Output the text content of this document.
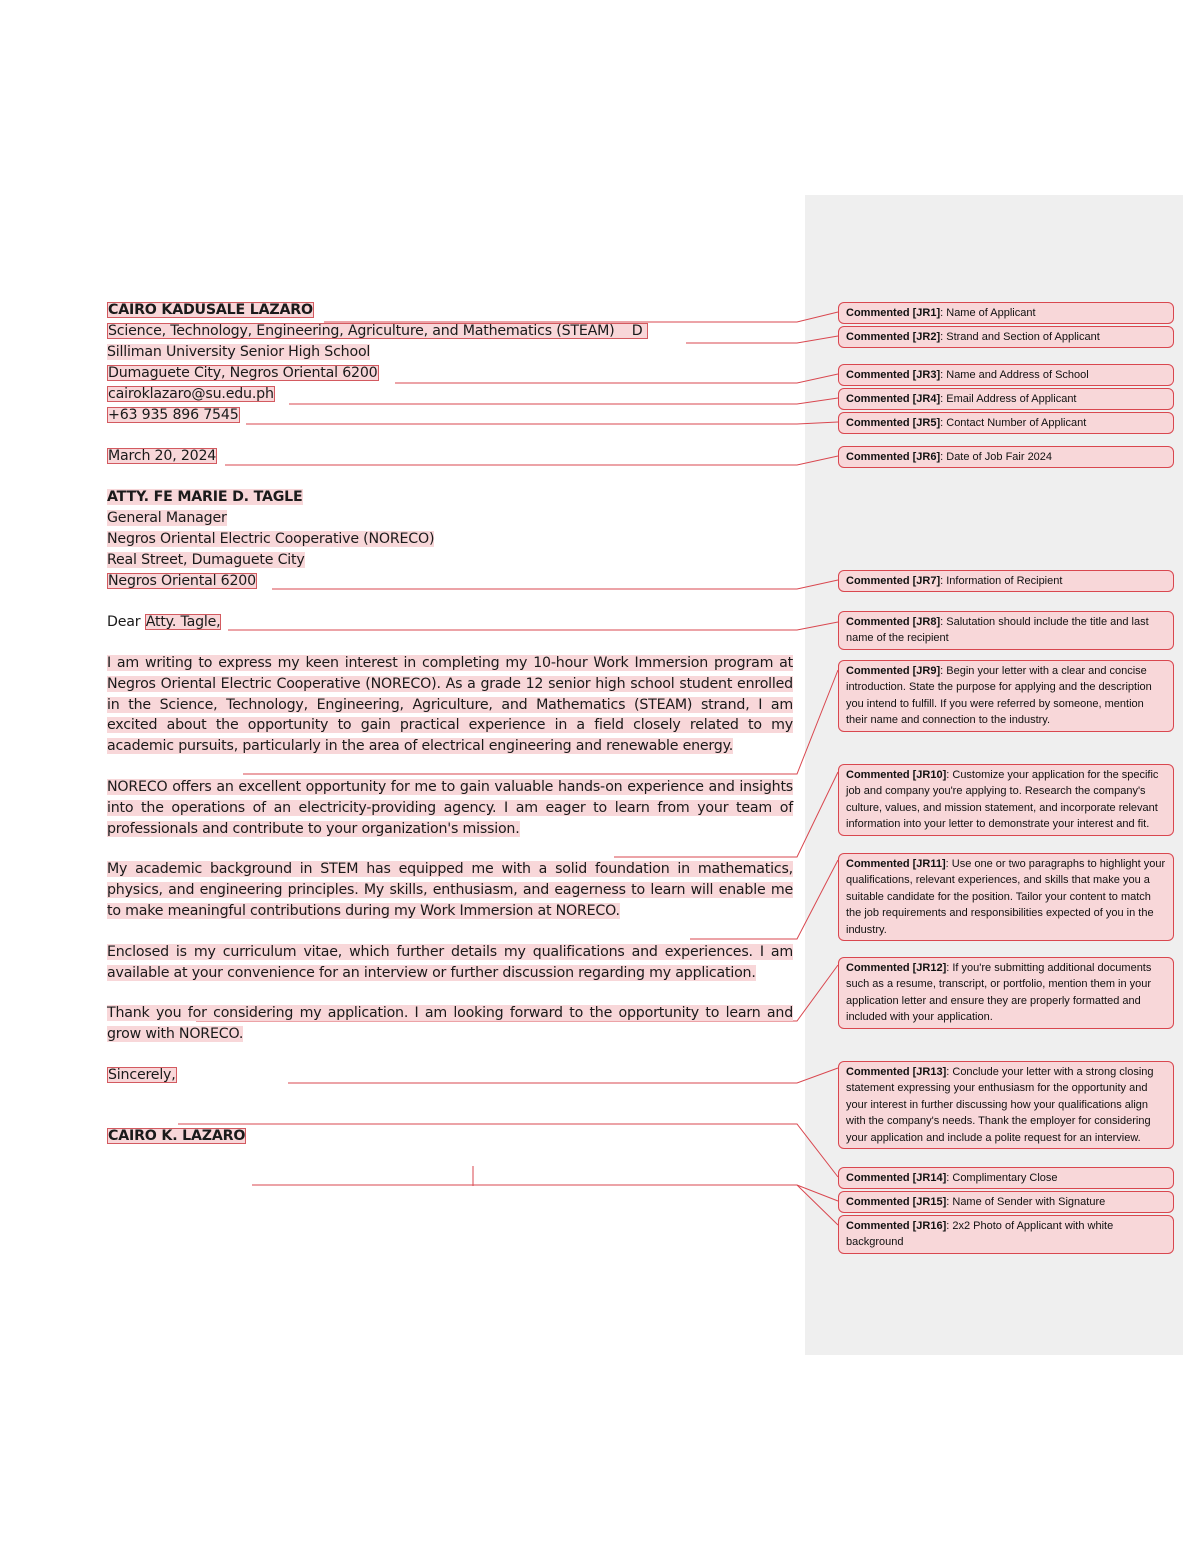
CAIRO KADUSALE LAZARO
Science, Technology, Engineering, Agriculture, and Mathematics (STEAM) D
Silliman University Senior High School
Dumaguete City, Negros Oriental 6200
cairoklazaro@su.edu.ph
+63 935 896 7545
March 20, 2024
ATTY. FE MARIE D. TAGLE
General Manager
Negros Oriental Electric Cooperative (NORECO)
Real Street, Dumaguete City
Negros Oriental 6200
Dear Atty. Tagle,
I am writing to express my keen interest in completing my 10-hour Work Immersion program at Negros Oriental Electric Cooperative (NORECO). As a grade 12 senior high school student enrolled in the Science, Technology, Engineering, Agriculture, and Mathematics (STEAM) strand, I am excited about the opportunity to gain practical experience in a field closely related to my academic pursuits, particularly in the area of electrical engineering and renewable energy.
NORECO offers an excellent opportunity for me to gain valuable hands-on experience and insights into the operations of an electricity-providing agency. I am eager to learn from your team of professionals and contribute to your organization's mission.
My academic background in STEM has equipped me with a solid foundation in mathematics, physics, and engineering principles. My skills, enthusiasm, and eagerness to learn will enable me to make meaningful contributions during my Work Immersion at NORECO.
Enclosed is my curriculum vitae, which further details my qualifications and experiences. I am available at your convenience for an interview or further discussion regarding my application.
Thank you for considering my application. I am looking forward to the opportunity to learn and grow with NORECO.
Sincerely,
CAIRO K. LAZARO
Commented [JR1]: Name of Applicant
Commented [JR2]: Strand and Section of Applicant
Commented [JR3]: Name and Address of School
Commented [JR4]: Email Address of Applicant
Commented [JR5]: Contact Number of Applicant
Commented [JR6]: Date of Job Fair 2024
Commented [JR7]: Information of Recipient
Commented [JR8]: Salutation should include the title and last name of the recipient
Commented [JR9]: Begin your letter with a clear and concise introduction. State the purpose for applying and the description you intend to fulfill. If you were referred by someone, mention their name and connection to the industry.
Commented [JR10]: Customize your application for the specific job and company you're applying to. Research the company's culture, values, and mission statement, and incorporate relevant information into your letter to demonstrate your interest and fit.
Commented [JR11]: Use one or two paragraphs to highlight your qualifications, relevant experiences, and skills that make you a suitable candidate for the position. Tailor your content to match the job requirements and responsibilities expected of you in the industry.
Commented [JR12]: If you're submitting additional documents such as a resume, transcript, or portfolio, mention them in your application letter and ensure they are properly formatted and included with your application.
Commented [JR13]: Conclude your letter with a strong closing statement expressing your enthusiasm for the opportunity and your interest in further discussing how your qualifications align with the company's needs. Thank the employer for considering your application and include a polite request for an interview.
Commented [JR14]: Complimentary Close
Commented [JR15]: Name of Sender with Signature
Commented [JR16]: 2x2 Photo of Applicant with white background
